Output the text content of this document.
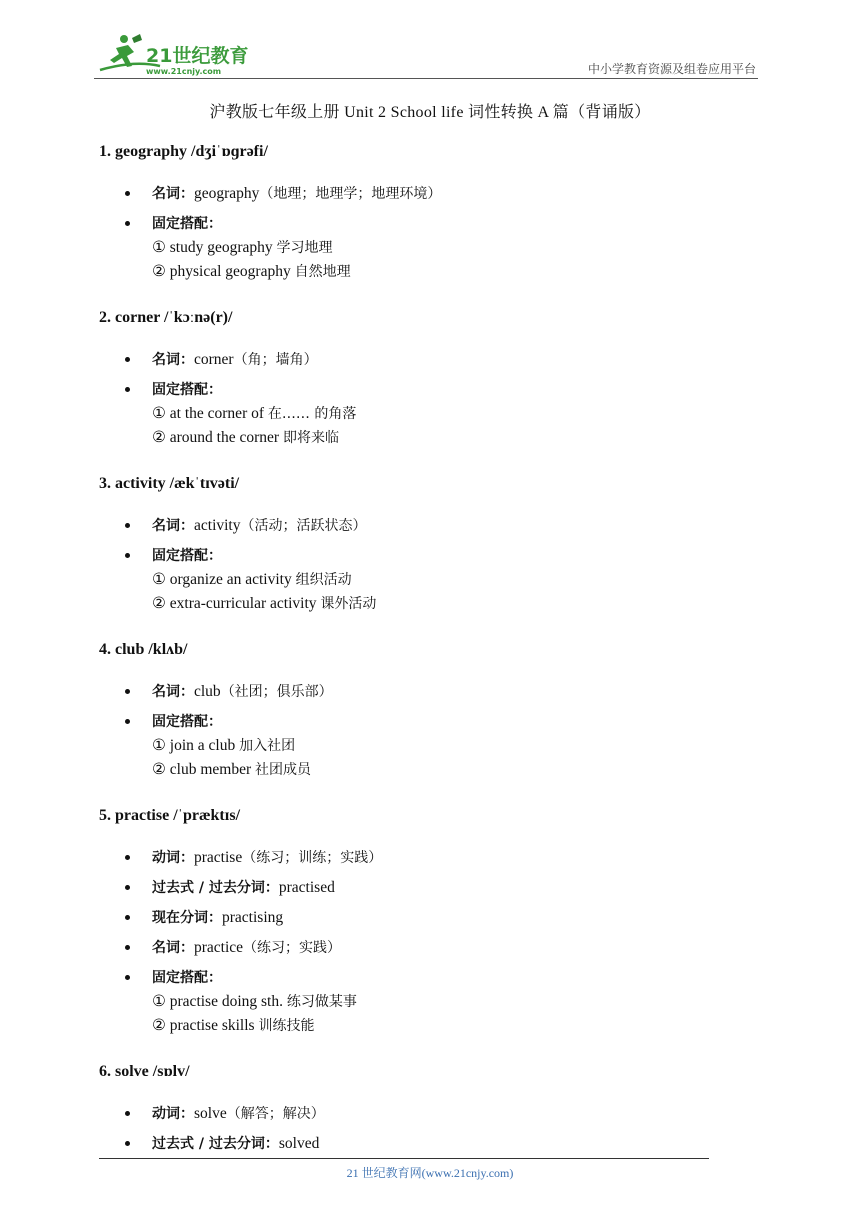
21世纪教育
www.21cnjy.com	中小学教育资源及组卷应用平台
沪教版七年级上册 Unit 2 School life 词性转换 A 篇（背诵版）
1. geography /dʒiˈɒɡrəfi/
名词：geography（地理；地理学；地理环境）
固定搭配：
① study geography 学习地理
② physical geography 自然地理
2. corner /ˈkɔːnə(r)/
名词：corner（角；墙角）
固定搭配：
① at the corner of 在…… 的角落
② around the corner 即将来临
3. activity /ækˈtɪvəti/
名词：activity（活动；活跃状态）
固定搭配：
① organize an activity 组织活动
② extra-curricular activity 课外活动
4. club /klʌb/
名词：club（社团；俱乐部）
固定搭配：
① join a club 加入社团
② club member 社团成员
5. practise /ˈpræktɪs/
动词：practise（练习；训练；实践）
过去式 / 过去分词：practised
现在分词：practising
名词：practice（练习；实践）
固定搭配：
① practise doing sth. 练习做某事
② practise skills 训练技能
6. solve /sɒlv/
动词：solve（解答；解决）
过去式 / 过去分词：solved
21 世纪教育网(www.21cnjy.com)
